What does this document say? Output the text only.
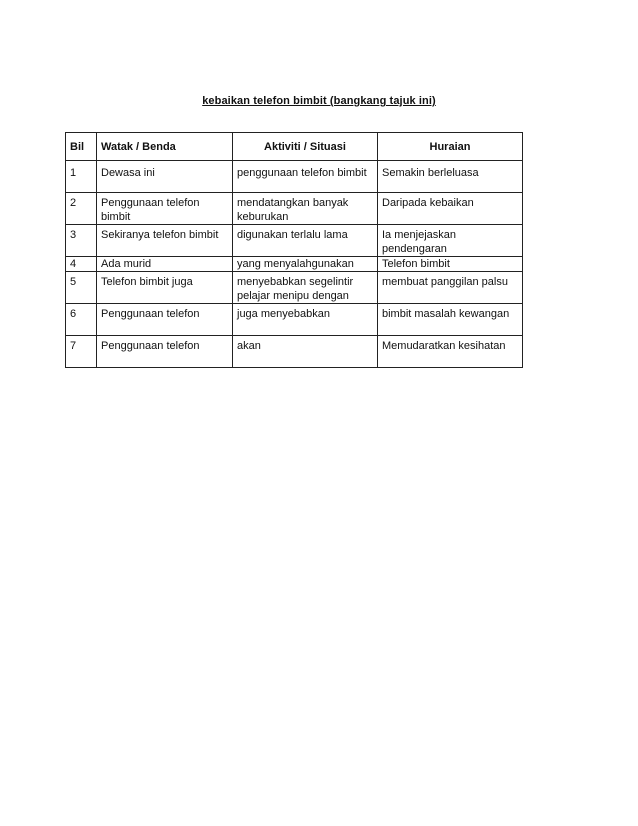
kebaikan telefon bimbit (bangkang tajuk ini)
Bil	Watak / Benda	Aktiviti / Situasi	Huraian
1	Dewasa ini	penggunaan telefon bimbit	Semakin berleluasa
2	Penggunaan telefon bimbit	mendatangkan banyak keburukan	Daripada kebaikan
3	Sekiranya telefon bimbit	digunakan terlalu lama	Ia menjejaskan pendengaran
4	Ada murid	yang menyalahgunakan	Telefon bimbit
5	Telefon bimbit juga	menyebabkan segelintir pelajar menipu dengan	membuat panggilan palsu
6	Penggunaan telefon	juga menyebabkan	bimbit masalah kewangan
7	Penggunaan telefon	akan	Memudaratkan kesihatan
